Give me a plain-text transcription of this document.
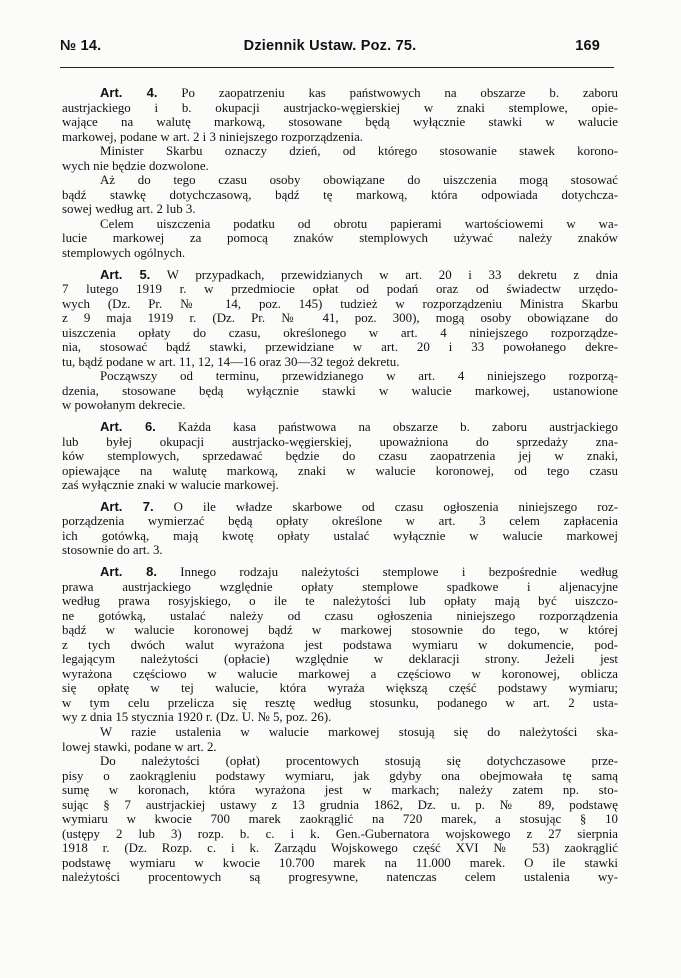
№ 14.	Dziennik Ustaw. Poz. 75.	169
Art. 4. Po zaopatrzeniu kas państwowych na obszarze b. zaboru
austrjackiego i b. okupacji austrjacko-węgierskiej w znaki stemplowe, opie-
wające na walutę markową, stosowane będą wyłącznie stawki w walucie
markowej, podane w art. 2 i 3 niniejszego rozporządzenia.
Minister Skarbu oznaczy dzień, od którego stosowanie stawek korono-
wych nie będzie dozwolone.
Aż do tego czasu osoby obowiązane do uiszczenia mogą stosować
bądź stawkę dotychczasową, bądź tę markową, która odpowiada dotychcza-
sowej według art. 2 lub 3.
Celem uiszczenia podatku od obrotu papierami wartościowemi w wa-
lucie markowej za pomocą znaków stemplowych używać należy znaków
stemplowych ogólnych.
Art. 5. W przypadkach, przewidzianych w art. 20 i 33 dekretu z dnia
7 lutego 1919 r. w przedmiocie opłat od podań oraz od świadectw urzędo-
wych (Dz. Pr. № 14, poz. 145) tudzież w rozporządzeniu Ministra Skarbu
z 9 maja 1919 r. (Dz. Pr. № 41, poz. 300), mogą osoby obowiązane do
uiszczenia opłaty do czasu, określonego w art. 4 niniejszego rozporządze-
nia, stosować bądź stawki, przewidziane w art. 20 i 33 powołanego dekre-
tu, bądź podane w art. 11, 12, 14—16 oraz 30—32 tegoż dekretu.
Począwszy od terminu, przewidzianego w art. 4 niniejszego rozporzą-
dzenia, stosowane będą wyłącznie stawki w walucie markowej, ustanowione
w powołanym dekrecie.
Art. 6. Każda kasa państwowa na obszarze b. zaboru austrjackiego
lub byłej okupacji austrjacko-węgierskiej, upoważniona do sprzedaży zna-
ków stemplowych, sprzedawać będzie do czasu zaopatrzenia jej w znaki,
opiewające na walutę markową, znaki w walucie koronowej, od tego czasu
zaś wyłącznie znaki w walucie markowej.
Art. 7. O ile władze skarbowe od czasu ogłoszenia niniejszego roz-
porządzenia wymierzać będą opłaty określone w art. 3 celem zapłacenia
ich gotówką, mają kwotę opłaty ustalać wyłącznie w walucie markowej
stosownie do art. 3.
Art. 8. Innego rodzaju należytości stemplowe i bezpośrednie według
prawa austrjackiego względnie opłaty stemplowe spadkowe i aljenacyjne
według prawa rosyjskiego, o ile te należytości lub opłaty mają być uiszczo-
ne gotówką, ustalać należy od czasu ogłoszenia niniejszego rozporządzenia
bądź w walucie koronowej bądź w markowej stosownie do tego, w której
z tych dwóch walut wyrażona jest podstawa wymiaru w dokumencie, pod-
legającym należytości (opłacie) względnie w deklaracji strony. Jeżeli jest
wyrażona częściowo w walucie markowej a częściowo w koronowej, oblicza
się opłatę w tej walucie, która wyraża większą część podstawy wymiaru;
w tym celu przelicza się resztę według stosunku, podanego w art. 2 usta-
wy z dnia 15 stycznia 1920 r. (Dz. U. № 5, poz. 26).
W razie ustalenia w walucie markowej stosują się do należytości ska-
lowej stawki, podane w art. 2.
Do należytości (opłat) procentowych stosują się dotychczasowe prze-
pisy o zaokrągleniu podstawy wymiaru, jak gdyby ona obejmowała tę samą
sumę w koronach, która wyrażona jest w markach; należy zatem np. sto-
sując § 7 austrjackiej ustawy z 13 grudnia 1862, Dz. u. p. № 89, podstawę
wymiaru w kwocie 700 marek zaokrąglić na 720 marek, a stosując § 10
(ustępy 2 lub 3) rozp. b. c. i k. Gen.-Gubernatora wojskowego z 27 sierpnia
1918 r. (Dz. Rozp. c. i k. Zarządu Wojskowego część XVI № 53) zaokrąglić
podstawę wymiaru w kwocie 10.700 marek na 11.000 marek. O ile stawki
należytości procentowych są progresywne, natenczas celem ustalenia wy-
